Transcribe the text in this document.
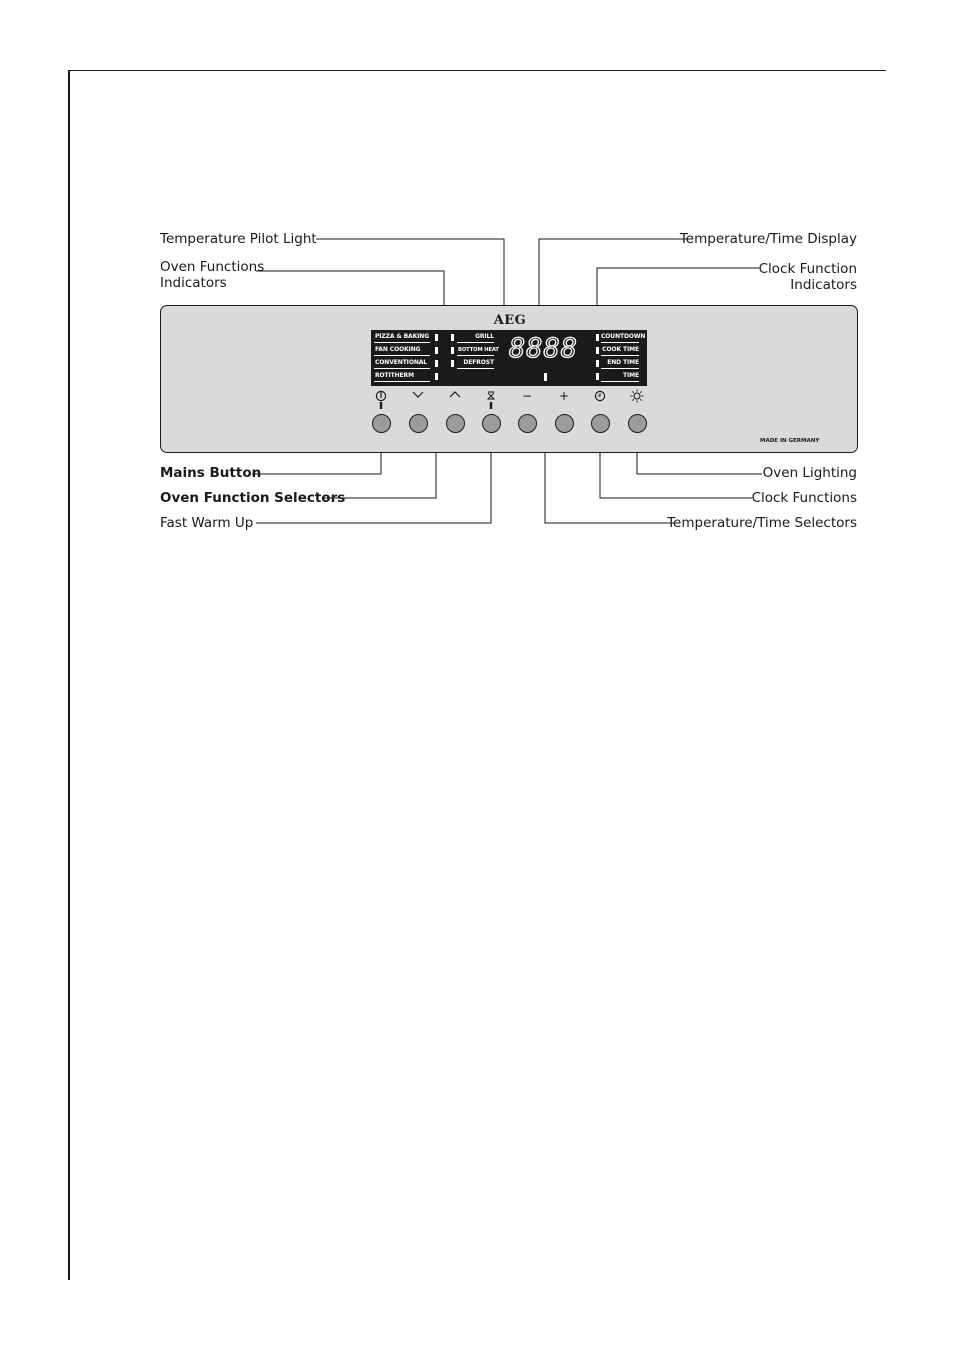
Temperature Pilot Light
Oven Functions
Indicators
Mains Button
Oven Function Selectors
Fast Warm Up
Temperature/Time Display
Clock Function
Indicators
Oven Lighting
Clock Functions
Temperature/Time Selectors
AEG
PIZZA & BAKING
FAN COOKING
CONVENTIONAL
ROTITHERM
GRILL
BOTTOM HEAT
DEFROST 8888	COUNTDOWN
COOK TIME
END TIME
TIME
−	+
MADE IN GERMANY
